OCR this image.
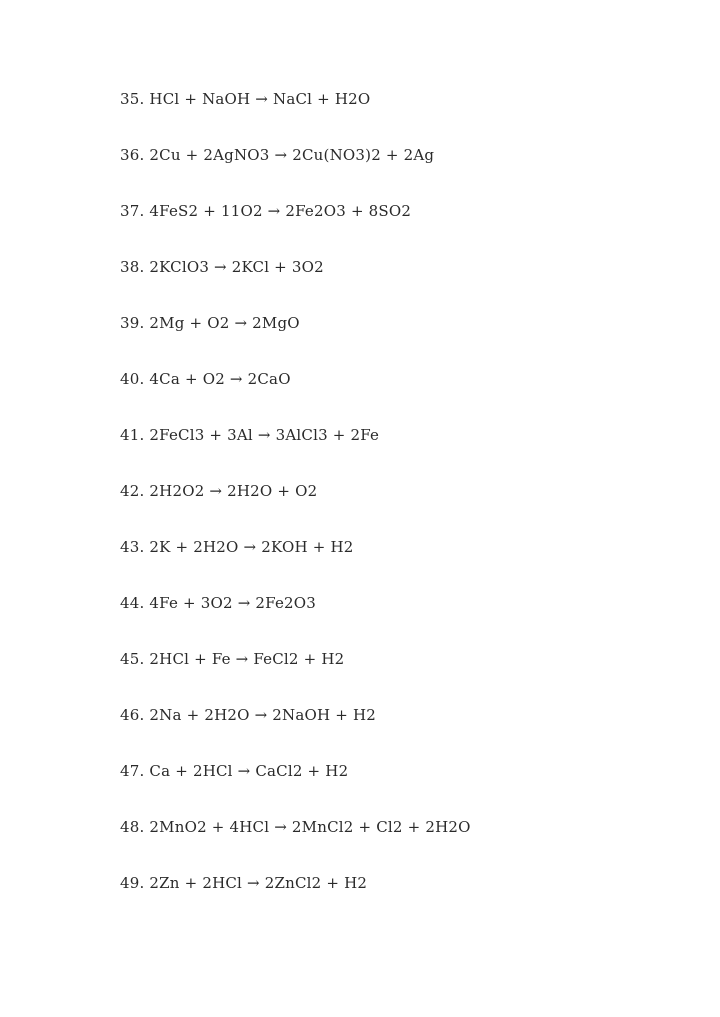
35. HCl + NaOH → NaCl + H2O
36. 2Cu + 2AgNO3 → 2Cu(NO3)2 + 2Ag
37. 4FeS2 + 11O2 → 2Fe2O3 + 8SO2
38. 2KClO3 → 2KCl + 3O2
39. 2Mg + O2 → 2MgO
40. 4Ca + O2 → 2CaO
41. 2FeCl3 + 3Al → 3AlCl3 + 2Fe
42. 2H2O2 → 2H2O + O2
43. 2K + 2H2O → 2KOH + H2
44. 4Fe + 3O2 → 2Fe2O3
45. 2HCl + Fe → FeCl2 + H2
46. 2Na + 2H2O → 2NaOH + H2
47. Ca + 2HCl → CaCl2 + H2
48. 2MnO2 + 4HCl → 2MnCl2 + Cl2 + 2H2O
49. 2Zn + 2HCl → 2ZnCl2 + H2
